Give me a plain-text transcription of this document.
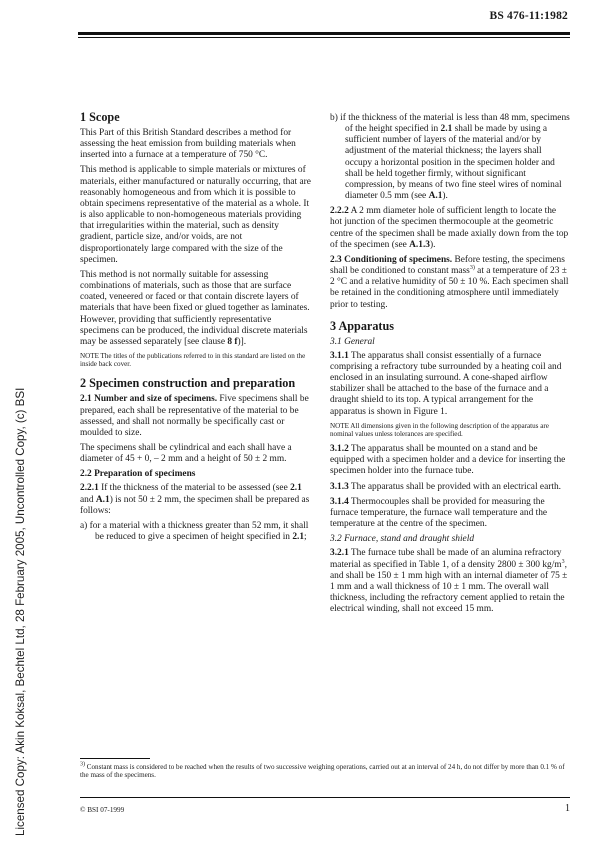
BS 476-11:1982
Licensed Copy: Akin Koksal, Bechtel Ltd, 28 February 2005, Uncontrolled Copy, (c) BSI
1 Scope

This Part of this British Standard describes a method for assessing the heat emission from building materials when inserted into a furnace at a temperature of 750 °C.

This method is applicable to simple materials or mixtures of materials, either manufactured or naturally occurring, that are reasonably homogeneous and from which it is possible to obtain specimens representative of the material as a whole. It is also applicable to non-homogeneous materials providing that irregularities within the material, such as density gradient, particle size, and/or voids, are not disproportionately large compared with the size of the specimen.

This method is not normally suitable for assessing combinations of materials, such as those that are surface coated, veneered or faced or that contain discrete layers of materials that have been fixed or glued together as laminates. However, providing that sufficiently representative specimens can be produced, the individual discrete materials may be assessed separately [see clause 8 f)].

NOTE The titles of the publications referred to in this standard are listed on the inside back cover.

2 Specimen construction and preparation

2.1 Number and size of specimens. Five specimens shall be prepared, each shall be representative of the material to be assessed, and shall not normally be specifically cast or moulded to size.

The specimens shall be cylindrical and each shall have a diameter of 45 + 0, – 2 mm and a height of 50 ± 2 mm.

2.2 Preparation of specimens

2.2.1 If the thickness of the material to be assessed (see 2.1 and A.1) is not 50 ± 2 mm, the specimen shall be prepared as follows:

a) for a material with a thickness greater than 52 mm, it shall be reduced to give a specimen of height specified in 2.1;

b) if the thickness of the material is less than 48 mm, specimens of the height specified in 2.1 shall be made by using a sufficient number of layers of the material and/or by adjustment of the material thickness; the layers shall occupy a horizontal position in the specimen holder and shall be held together firmly, without significant compression, by means of two fine steel wires of nominal diameter 0.5 mm (see A.1).

2.2.2 A 2 mm diameter hole of sufficient length to locate the hot junction of the specimen thermocouple at the geometric centre of the specimen shall be made axially down from the top of the specimen (see A.1.3).

2.3 Conditioning of specimens. Before testing, the specimens shall be conditioned to constant mass$^{3)}$ at a temperature of 23 ± 2 °C and a relative humidity of 50 ± 10 %. Each specimen shall be retained in the conditioning atmosphere until immediately prior to testing.

3 Apparatus
3.1 General

3.1.1 The apparatus shall consist essentially of a furnace comprising a refractory tube surrounded by a heating coil and enclosed in an insulating surround. A cone-shaped airflow stabilizer shall be attached to the base of the furnace and a draught shield to its top. A typical arrangement for the apparatus is shown in Figure 1.

NOTE All dimensions given in the following description of the apparatus are nominal values unless tolerances are specified.

3.1.2 The apparatus shall be mounted on a stand and be equipped with a specimen holder and a device for inserting the specimen holder into the furnace tube.

3.1.3 The apparatus shall be provided with an electrical earth.

3.1.4 Thermocouples shall be provided for measuring the furnace temperature, the furnace wall temperature and the temperature at the centre of the specimen.

3.2 Furnace, stand and draught shield

3.2.1 The furnace tube shall be made of an alumina refractory material as specified in Table 1, of a density 2800 ± 300 $kg/m^3$, and shall be 150 ± 1 mm high with an internal diameter of 75 ± 1 mm and a wall thickness of 10 ± 1 mm. The overall wall thickness, including the refractory cement applied to retain the electrical winding, shall not exceed 15 mm.

$^{3)}$ Constant mass is considered to be reached when the results of two successive weighing operations, carried out at an interval of 24 h, do not differ by more than 0.1 % of the mass of the specimens.
© BSI 07-1999	1
